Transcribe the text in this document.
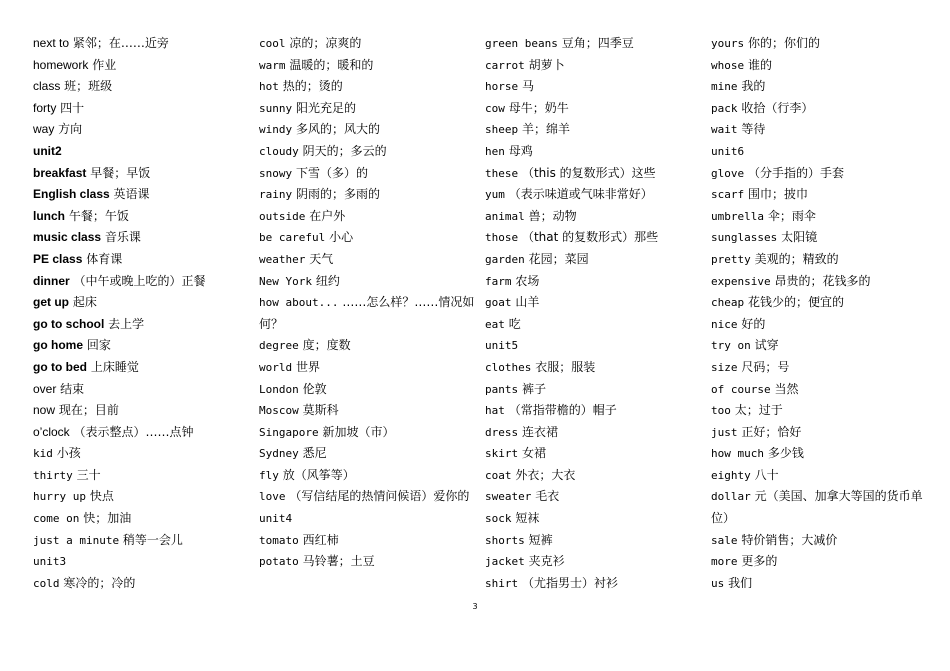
next to 紧邻；在……近旁
homework 作业
class 班；班级
forty 四十
way 方向
unit2
breakfast 早餐；早饭
English class 英语课
lunch 午餐；午饭
music class 音乐课
PE class 体育课
dinner （中午或晚上吃的）正餐
get up 起床
go to school 去上学
go home 回家
go to bed 上床睡觉
over 结束
now 现在；目前
o’clock （表示整点）……点钟
kid 小孩
thirty 三十
hurry up 快点
come on 快；加油
just a minute 稍等一会儿
unit3
cold 寒冷的；冷的
cool 凉的；凉爽的
warm 温暖的；暖和的
hot 热的；烫的
sunny 阳光充足的
windy 多风的；风大的
cloudy 阴天的；多云的
snowy 下雪（多）的
rainy 阴雨的；多雨的
outside 在户外
be careful 小心
weather 天气
New York 纽约
how about... ……怎么样？……情况如何？
degree 度；度数
world 世界
London 伦敦
Moscow 莫斯科
Singapore 新加坡（市）
Sydney 悉尼
fly 放（风筝等）
love （写信结尾的热情问候语）爱你的
unit4
tomato 西红柿
potato 马铃薯；土豆
green beans 豆角；四季豆
carrot 胡萝卜
horse 马
cow 母牛；奶牛
sheep 羊；绵羊
hen 母鸡
these （this 的复数形式）这些
yum （表示味道或气味非常好）
animal 兽；动物
those （that 的复数形式）那些
garden 花园；菜园
farm 农场
goat 山羊
eat 吃
unit5
clothes 衣服；服装
pants 裤子
hat （常指带檐的）帽子
dress 连衣裙
skirt 女裙
coat 外衣；大衣
sweater 毛衣
sock 短袜
shorts 短裤
jacket 夹克衫
shirt （尤指男士）衬衫
yours 你的；你们的
whose 谁的
mine 我的
pack 收拾（行李）
wait 等待
unit6
glove （分手指的）手套
scarf 围巾；披巾
umbrella 伞；雨伞
sunglasses 太阳镜
pretty 美观的；精致的
expensive 昂贵的；花钱多的
cheap 花钱少的；便宜的
nice 好的
try on 试穿
size 尺码；号
of course 当然
too 太；过于
just 正好；恰好
how much 多少钱
eighty 八十
dollar 元（美国、加拿大等国的货币单位）
sale 特价销售；大减价
more 更多的
us 我们
3
